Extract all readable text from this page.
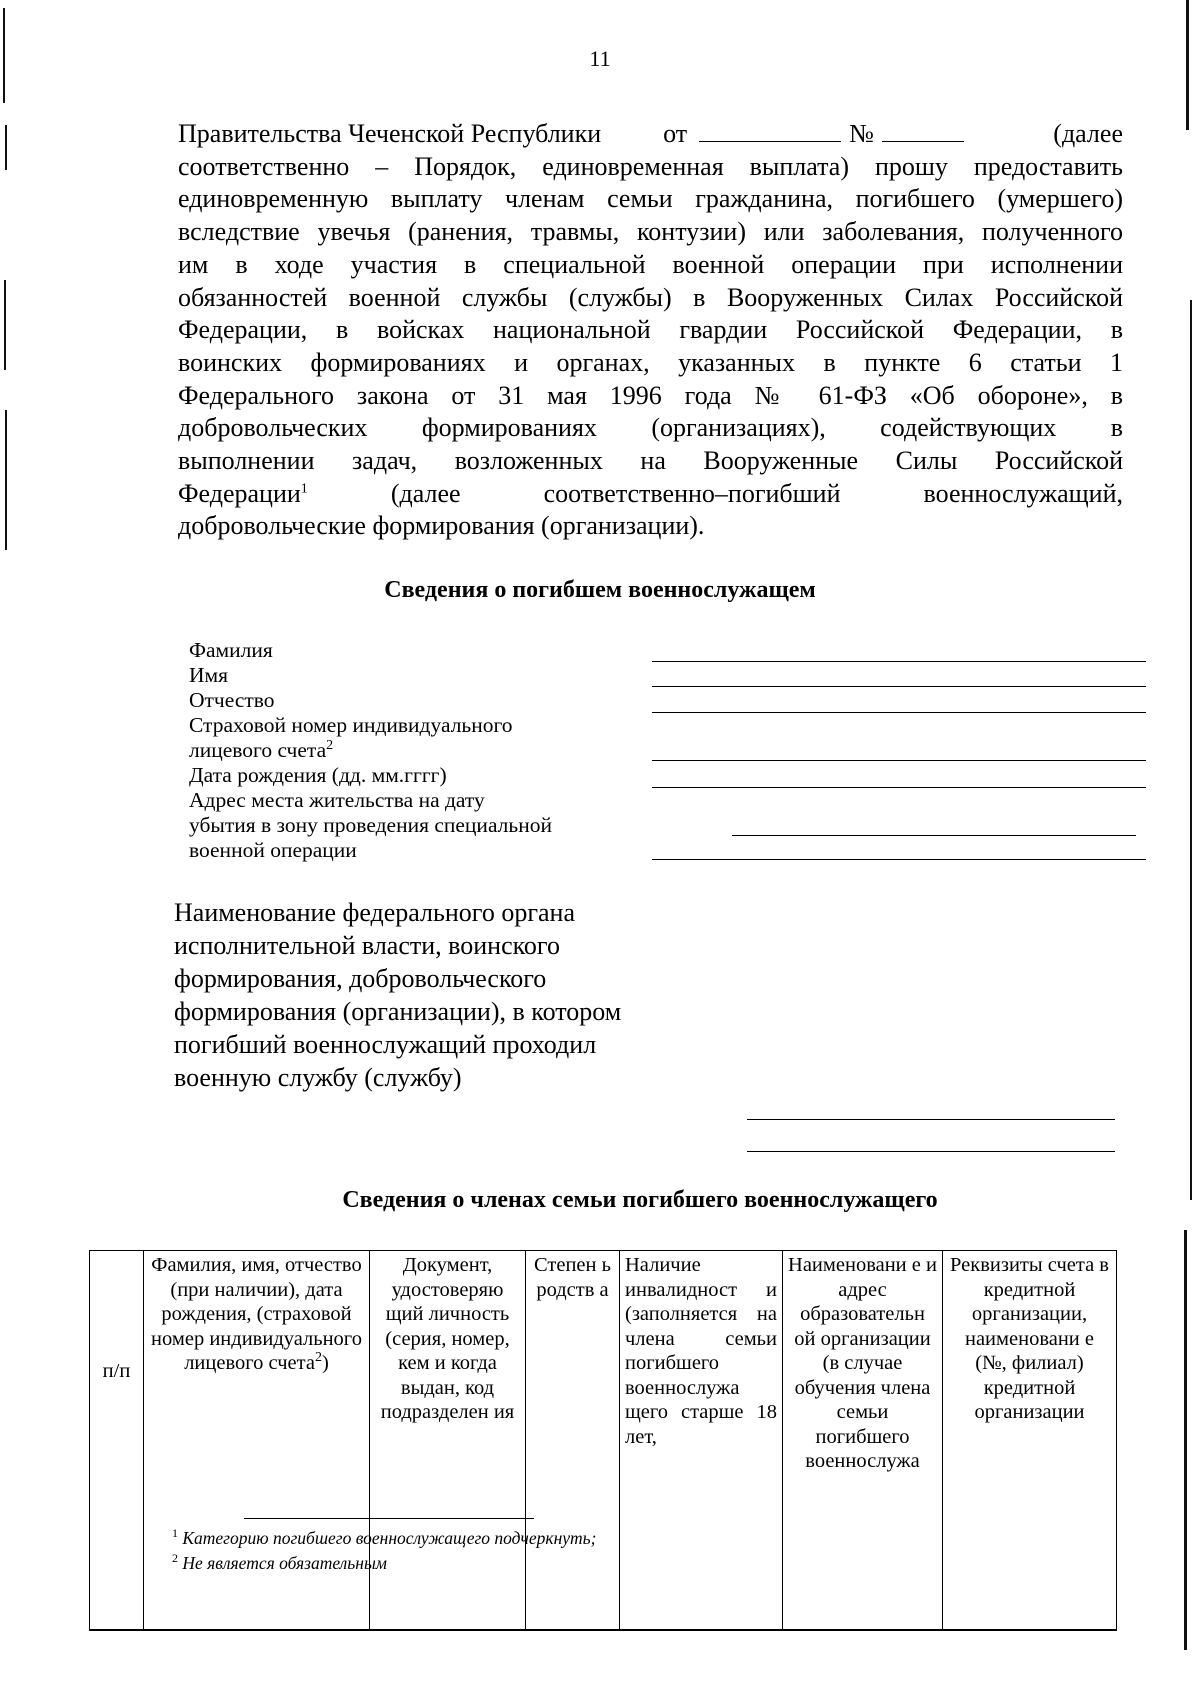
11

Правительства Чеченской Республики от	№	(далее
соответственно – Порядок, единовременная выплата) прошу предоставить
единовременную выплату членам семьи гражданина, погибшего (умершего)
вследствие увечья (ранения, травмы, контузии) или заболевания, полученного
им в ходе участия в специальной военной операции при исполнении
обязанностей военной службы (службы) в Вооруженных Силах Российской
Федерации, в войсках национальной гвардии Российской Федерации, в
воинских формированиях и органах, указанных в пункте 6 статьи 1
Федерального закона от 31 мая 1996 года № 61-ФЗ «Об обороне», в
добровольческих формированиях (организациях), содействующих в
выполнении задач, возложенных на Вооруженные Силы Российской
Федерации$^1$ (далее соответственно–погибший военнослужащий,
добровольческие формирования (организации).

Сведения о погибшем военнослужащем
Фамилия
Имя
Отчество
Страховой номер индивидуального
лицевого счета$^2$
Дата рождения (дд. мм.гггг)
Адрес места жительства на дату
убытия в зону проведения специальной
военной операции

Наименование федерального органа
исполнительной власти, воинского
формирования, добровольческого
формирования (организации), в котором
погибший военнослужащий проходил
военную службу (службу)

Сведения о членах семьи погибшего военнослужащего
п/п	Фамилия, имя, отчество (при наличии), дата рождения, (страховой номер индивидуального лицевого счета$^2$)	Документ, удостоверяю щий личность (серия, номер, кем и когда выдан, код подразделен ия	Степен ь родств а	Наличие инвалидност и (заполняется на члена семьи погибшего военнослужа щего старше 18 лет,	Наименовани е и адрес образовательн ой организации (в случае обучения члена семьи погибшего военнослужа	Реквизиты счета в кредитной организации, наименовани е (№, филиал) кредитной организации
$^1$ Категорию погибшего военнослужащего подчеркнуть;
$^2$ Не является обязательным
